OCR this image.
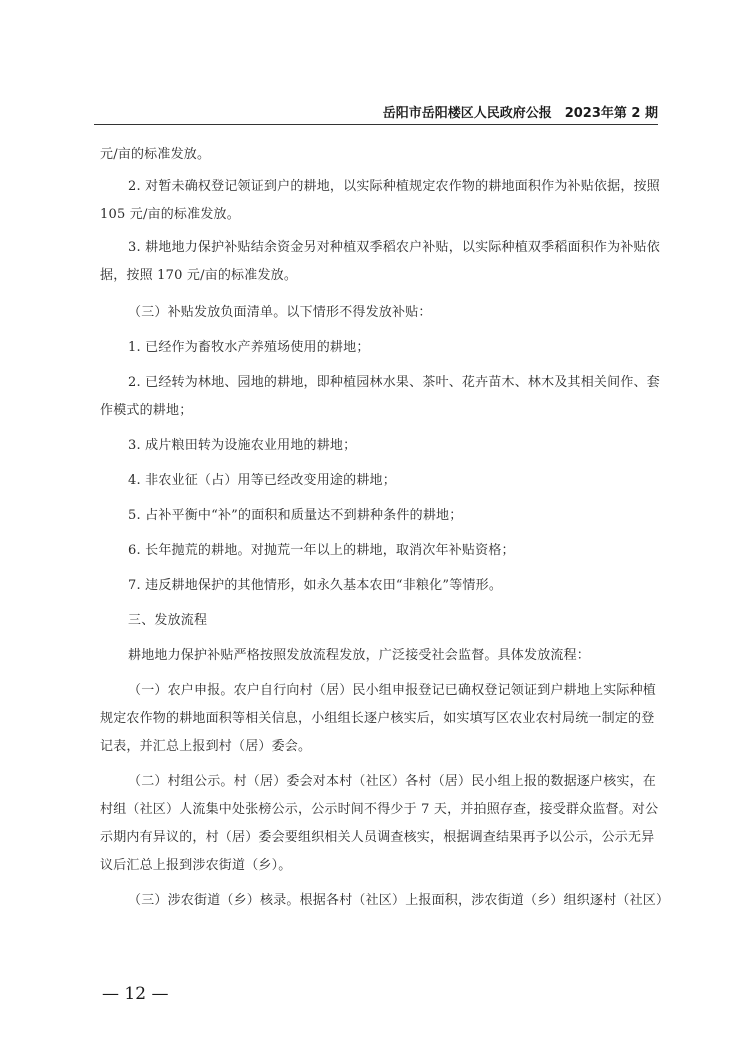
岳阳市岳阳楼区人民政府公报　2023年第 2 期
元/亩的标准发放。
2. 对暂未确权登记领证到户的耕地，以实际种植规定农作物的耕地面积作为补贴依据，按照
105 元/亩的标准发放。
3. 耕地地力保护补贴结余资金另对种植双季稻农户补贴，以实际种植双季稻面积作为补贴依
据，按照 170 元/亩的标准发放。
（三）补贴发放负面清单。以下情形不得发放补贴：
1. 已经作为畜牧水产养殖场使用的耕地；
2. 已经转为林地、园地的耕地，即种植园林水果、茶叶、花卉苗木、林木及其相关间作、套
作模式的耕地；
3. 成片粮田转为设施农业用地的耕地；
4. 非农业征（占）用等已经改变用途的耕地；
5. 占补平衡中“补”的面积和质量达不到耕种条件的耕地；
6. 长年抛荒的耕地。对抛荒一年以上的耕地，取消次年补贴资格；
7. 违反耕地保护的其他情形，如永久基本农田“非粮化”等情形。
三、发放流程
耕地地力保护补贴严格按照发放流程发放，广泛接受社会监督。具体发放流程：
（一）农户申报。农户自行向村（居）民小组申报登记已确权登记领证到户耕地上实际种植
规定农作物的耕地面积等相关信息，小组组长逐户核实后，如实填写区农业农村局统一制定的登
记表，并汇总上报到村（居）委会。
（二）村组公示。村（居）委会对本村（社区）各村（居）民小组上报的数据逐户核实，在
村组（社区）人流集中处张榜公示，公示时间不得少于 7 天，并拍照存查，接受群众监督。对公
示期内有异议的，村（居）委会要组织相关人员调查核实，根据调查结果再予以公示，公示无异
议后汇总上报到涉农街道（乡）。
（三）涉农街道（乡）核录。根据各村（社区）上报面积，涉农街道（乡）组织逐村（社区）
— 12 —
